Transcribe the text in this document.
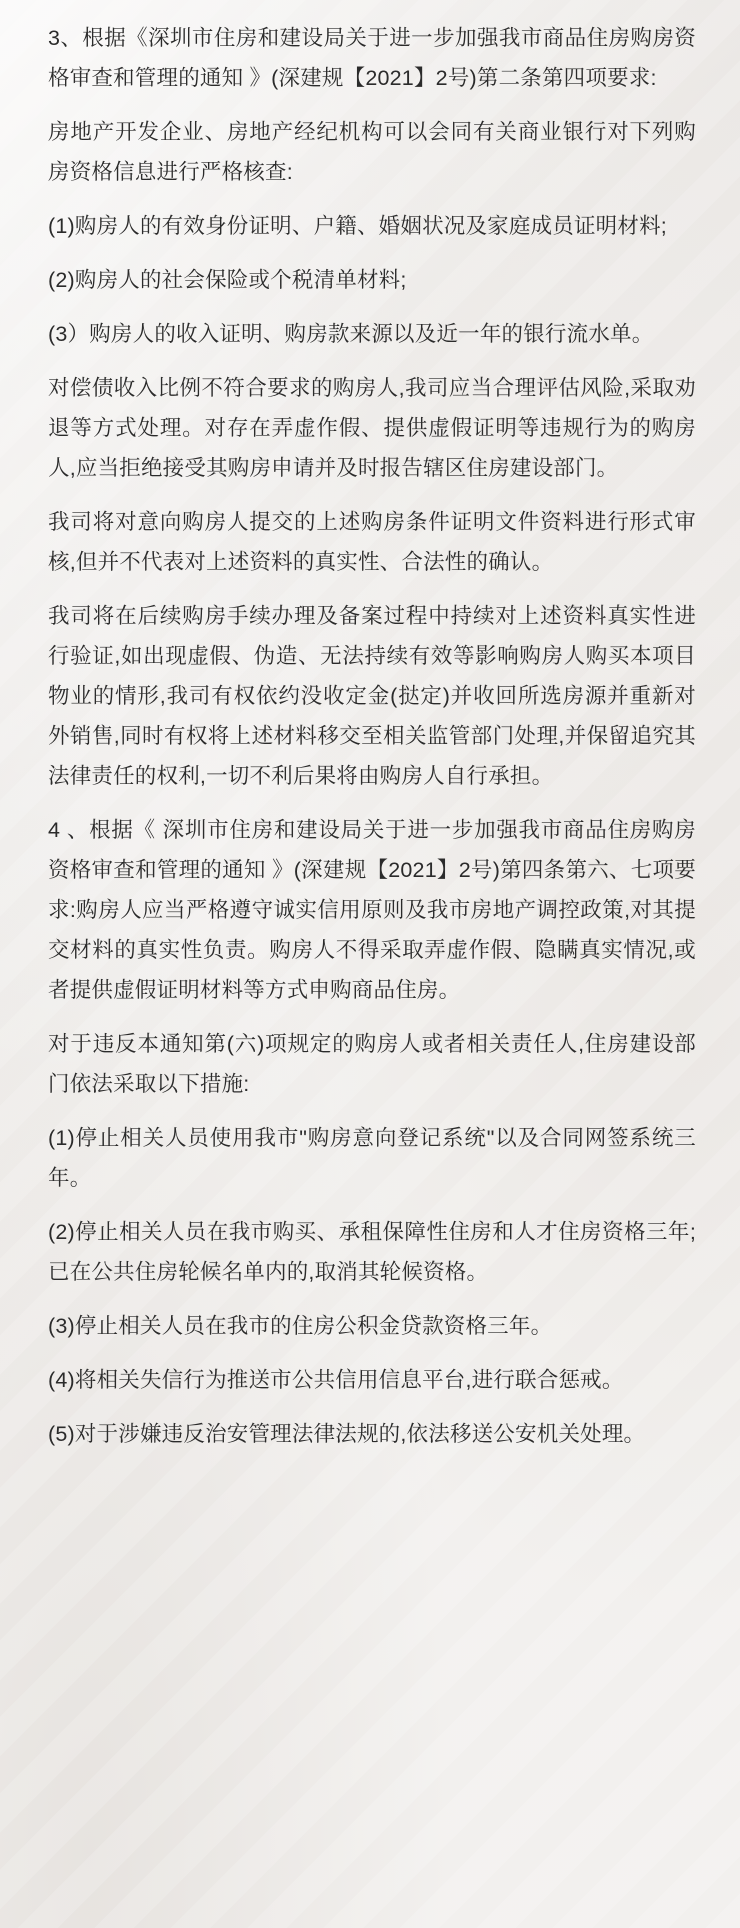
3、根据《深圳市住房和建设局关于进一步加强我市商品住房购房资格审查和管理的通知 》(深建规【2021】2号)第二条第四项要求:

房地产开发企业、房地产经纪机构可以会同有关商业银行对下列购房资格信息进行严格核查:

(1)购房人的有效身份证明、户籍、婚姻状况及家庭成员证明材料;

(2)购房人的社会保险或个税清单材料;

(3）购房人的收入证明、购房款来源以及近一年的银行流水单。

对偿债收入比例不符合要求的购房人,我司应当合理评估风险,采取劝退等方式处理。对存在弄虚作假、提供虚假证明等违规行为的购房人,应当拒绝接受其购房申请并及时报告辖区住房建设部门。

我司将对意向购房人提交的上述购房条件证明文件资料进行形式审核,但并不代表对上述资料的真实性、合法性的确认。

我司将在后续购房手续办理及备案过程中持续对上述资料真实性进行验证,如出现虚假、伪造、无法持续有效等影响购房人购买本项目物业的情形,我司有权依约没收定金(挞定)并收回所选房源并重新对外销售,同时有权将上述材料移交至相关监管部门处理,并保留追究其法律责任的权利,一切不利后果将由购房人自行承担。

4 、根据《 深圳市住房和建设局关于进一步加强我市商品住房购房资格审查和管理的通知 》(深建规【2021】2号)第四条第六、七项要求:购房人应当严格遵守诚实信用原则及我市房地产调控政策,对其提交材料的真实性负责。购房人不得采取弄虚作假、隐瞒真实情况,或者提供虚假证明材料等方式申购商品住房。

对于违反本通知第(六)项规定的购房人或者相关责任人,住房建设部门依法采取以下措施:

(1)停止相关人员使用我市"购房意向登记系统"以及合同网签系统三年。

(2)停止相关人员在我市购买、承租保障性住房和人才住房资格三年; 已在公共住房轮候名单内的,取消其轮候资格。

(3)停止相关人员在我市的住房公积金贷款资格三年。

(4)将相关失信行为推送市公共信用信息平台,进行联合惩戒。

(5)对于涉嫌违反治安管理法律法规的,依法移送公安机关处理。
